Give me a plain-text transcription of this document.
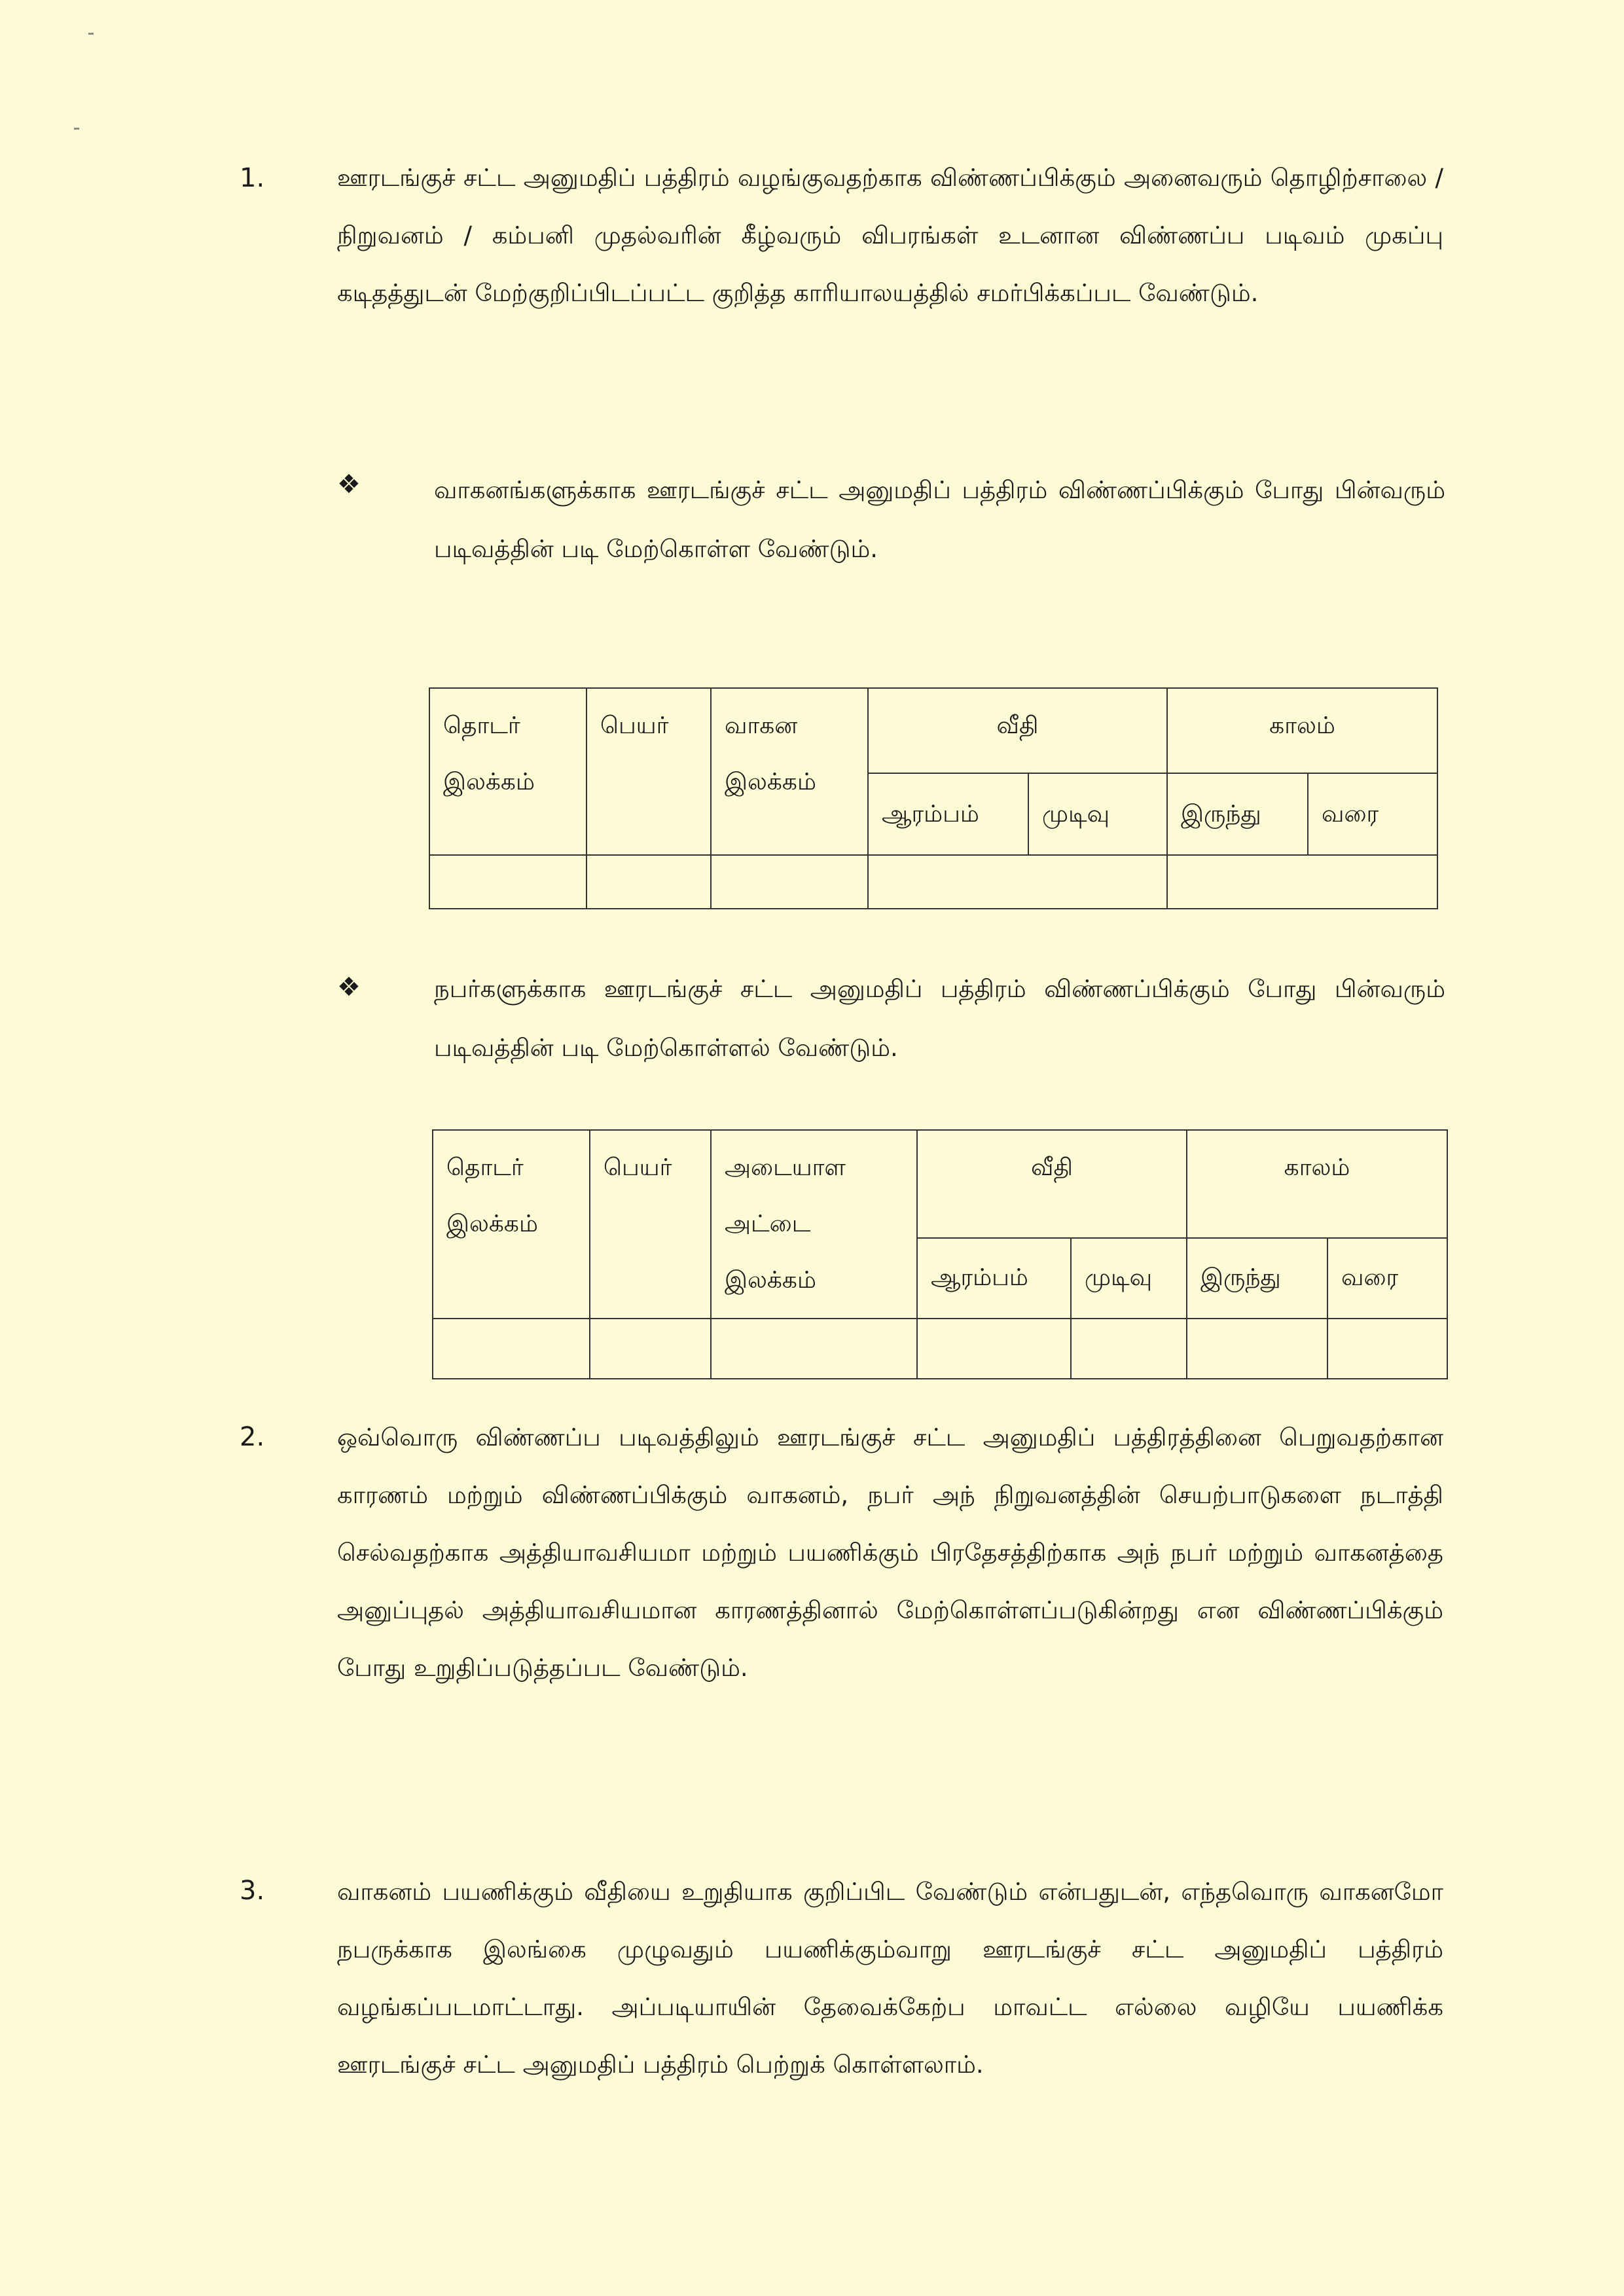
1.	ஊரடங்குச் சட்ட அனுமதிப் பத்திரம் வழங்குவதற்காக விண்ணப்பிக்கும் அனைவரும் தொழிற்சாலை / நிறுவனம் / கம்பனி முதல்வரின் கீழ்வரும் விபரங்கள் உடனான விண்ணப்ப படிவம் முகப்பு கடிதத்துடன் மேற்குறிப்பிடப்பட்ட குறித்த காரியாலயத்தில் சமர்பிக்கப்பட வேண்டும்.

❖	வாகனங்களுக்காக ஊரடங்குச் சட்ட அனுமதிப் பத்திரம் விண்ணப்பிக்கும் போது பின்வரும் படிவத்தின் படி மேற்கொள்ள வேண்டும்.

தொடர் இலக்கம்	பெயர்	வாகன இலக்கம்	வீதி		காலம்	
			ஆரம்பம்	முடிவு	இருந்து	வரை

❖	நபர்களுக்காக ஊரடங்குச் சட்ட அனுமதிப் பத்திரம் விண்ணப்பிக்கும் போது பின்வரும் படிவத்தின் படி மேற்கொள்ளல் வேண்டும்.

தொடர் இலக்கம்	பெயர்	அடையாள அட்டை இலக்கம்	வீதி		காலம்	
			ஆரம்பம்	முடிவு	இருந்து	வரை

2.	ஒவ்வொரு விண்ணப்ப படிவத்திலும் ஊரடங்குச் சட்ட அனுமதிப் பத்திரத்தினை பெறுவதற்கான காரணம் மற்றும் விண்ணப்பிக்கும் வாகனம், நபர் அந் நிறுவனத்தின் செயற்பாடுகளை நடாத்தி செல்வதற்காக அத்தியாவசியமா மற்றும் பயணிக்கும் பிரதேசத்திற்காக அந் நபர் மற்றும் வாகனத்தை அனுப்புதல் அத்தியாவசியமான காரணத்தினால் மேற்கொள்ளப்படுகின்றது என விண்ணப்பிக்கும் போது உறுதிப்படுத்தப்பட வேண்டும்.

3.	வாகனம் பயணிக்கும் வீதியை உறுதியாக குறிப்பிட வேண்டும் என்பதுடன், எந்தவொரு வாகனமோ நபருக்காக இலங்கை முழுவதும் பயணிக்கும்வாறு ஊரடங்குச் சட்ட அனுமதிப் பத்திரம் வழங்கப்படமாட்டாது. அப்படியாயின் தேவைக்கேற்ப மாவட்ட எல்லை வழியே பயணிக்க ஊரடங்குச் சட்ட அனுமதிப் பத்திரம் பெற்றுக் கொள்ளலாம்.
